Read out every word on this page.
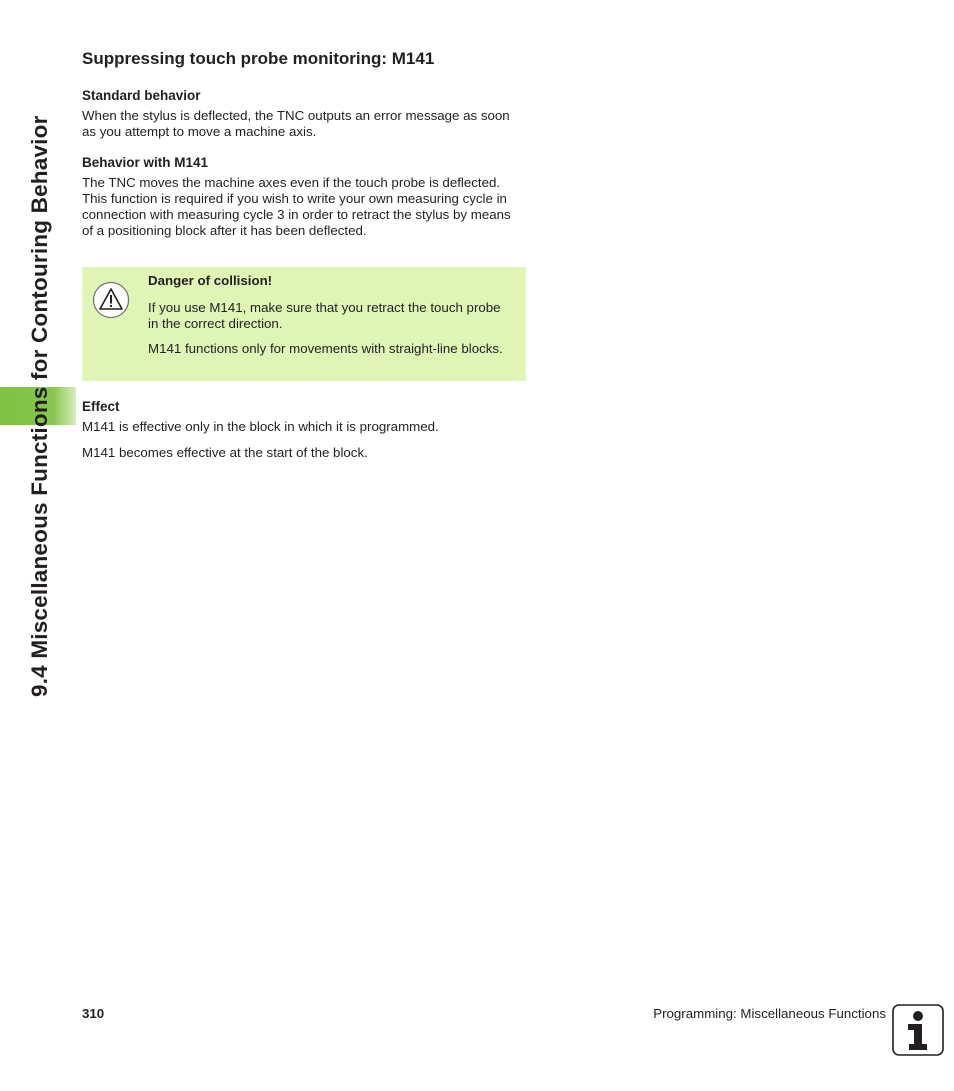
9.4 Miscellaneous Functions for Contouring Behavior
Suppressing touch probe monitoring: M141
Standard behavior

When the stylus is deflected, the TNC outputs an error message as soon as you attempt to move a machine axis.

Behavior with M141

The TNC moves the machine axes even if the touch probe is deflected. This function is required if you wish to write your own measuring cycle in connection with measuring cycle 3 in order to retract the stylus by means of a positioning block after it has been deflected.

Danger of collision!

If you use M141, make sure that you retract the touch probe in the correct direction.

M141 functions only for movements with straight-line blocks.

Effect

M141 is effective only in the block in which it is programmed.

M141 becomes effective at the start of the block.

310	Programming: Miscellaneous Functions
